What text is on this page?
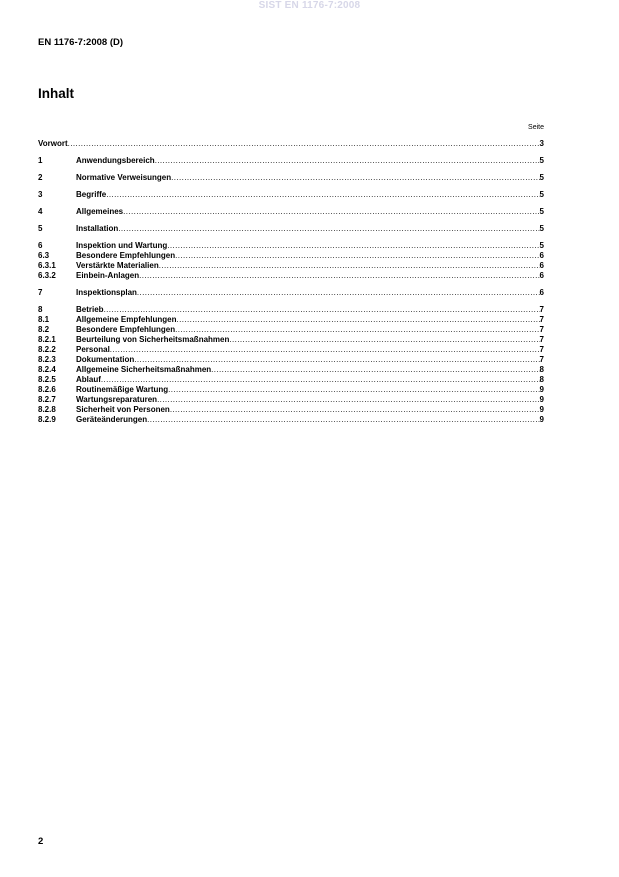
SIST EN 1176-7:2008
EN 1176-7:2008 (D)
Inhalt
Seite
Vorwort .....	3
1	Anwendungsbereich .....	5
2	Normative Verweisungen .....	5
3	Begriffe .....	5
4	Allgemeines .....	5
5	Installation .....	5
6	Inspektion und Wartung .....	5
6.3	Besondere Empfehlungen .....	6
6.3.1	Verstärkte Materialien .....	6
6.3.2	Einbein-Anlagen .....	6
7	Inspektionsplan .....	6
8	Betrieb .....	7
8.1	Allgemeine Empfehlungen .....	7
8.2	Besondere Empfehlungen .....	7
8.2.1	Beurteilung von Sicherheitsmaßnahmen .....	7
8.2.2	Personal .....	7
8.2.3	Dokumentation .....	7
8.2.4	Allgemeine Sicherheitsmaßnahmen .....	8
8.2.5	Ablauf .....	8
8.2.6	Routinemäßige Wartung .....	9
8.2.7	Wartungsreparaturen .....	9
8.2.8	Sicherheit von Personen .....	9
8.2.9	Geräteänderungen .....	9
2
